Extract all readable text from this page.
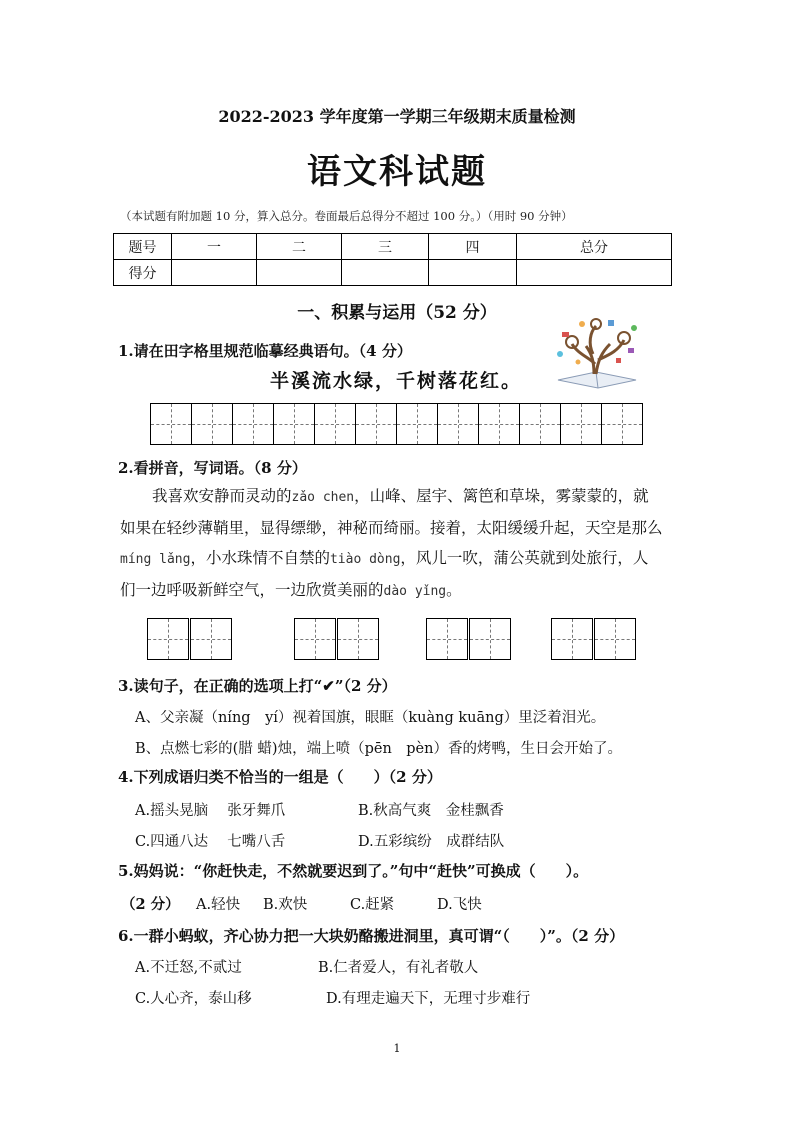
2022-2023 学年度第一学期三年级期末质量检测
语文科试题
（本试题有附加题 10 分，算入总分。卷面最后总得分不超过 100 分。）（用时 90 分钟）
题号	一	二	三	四	总分
得分					
一、积累与运用（52 分）
1.请在田字格里规范临摹经典语句。（4 分）
半溪流水绿，千树落花红。
2.看拼音，写词语。（8 分）

我喜欢安静而灵动的zǎo chen，山峰、屋宇、篱笆和草垛，雾蒙蒙的，就

如果在轻纱薄鞘里，显得缥缈，神秘而绮丽。接着，太阳缓缓升起，天空是那么

míng lǎng，小水珠情不自禁的tiào dòng，风儿一吹，蒲公英就到处旅行，人

们一边呼吸新鲜空气，一边欣赏美丽的dào yǐng。

3.读句子，在正确的选项上打“✔”（2 分）
A、父亲凝（níng　yí）视着国旗，眼眶（kuàng kuāng）里泛着泪光。
B、点燃七彩的(腊 蜡)烛，端上喷（pēn　pèn）香的烤鸭，生日会开始了。
4.下列成语归类不恰当的一组是（　　）（2 分）
A.摇头晃脑　 张牙舞爪	B.秋高气爽　金桂飘香
C.四通八达　 七嘴八舌	D.五彩缤纷　成群结队
5.妈妈说：“你赶快走，不然就要迟到了。”句中“赶快”可换成（　　）。
（2 分） A.轻快 B.欢快	C.赶紧	D.飞快
6.一群小蚂蚁，齐心协力把一大块奶酪搬进洞里，真可谓“（　　）”。（2 分）
A.不迁怒,不贰过	B.仁者爱人，有礼者敬人
C.人心齐，泰山移	D.有理走遍天下，无理寸步难行
1
